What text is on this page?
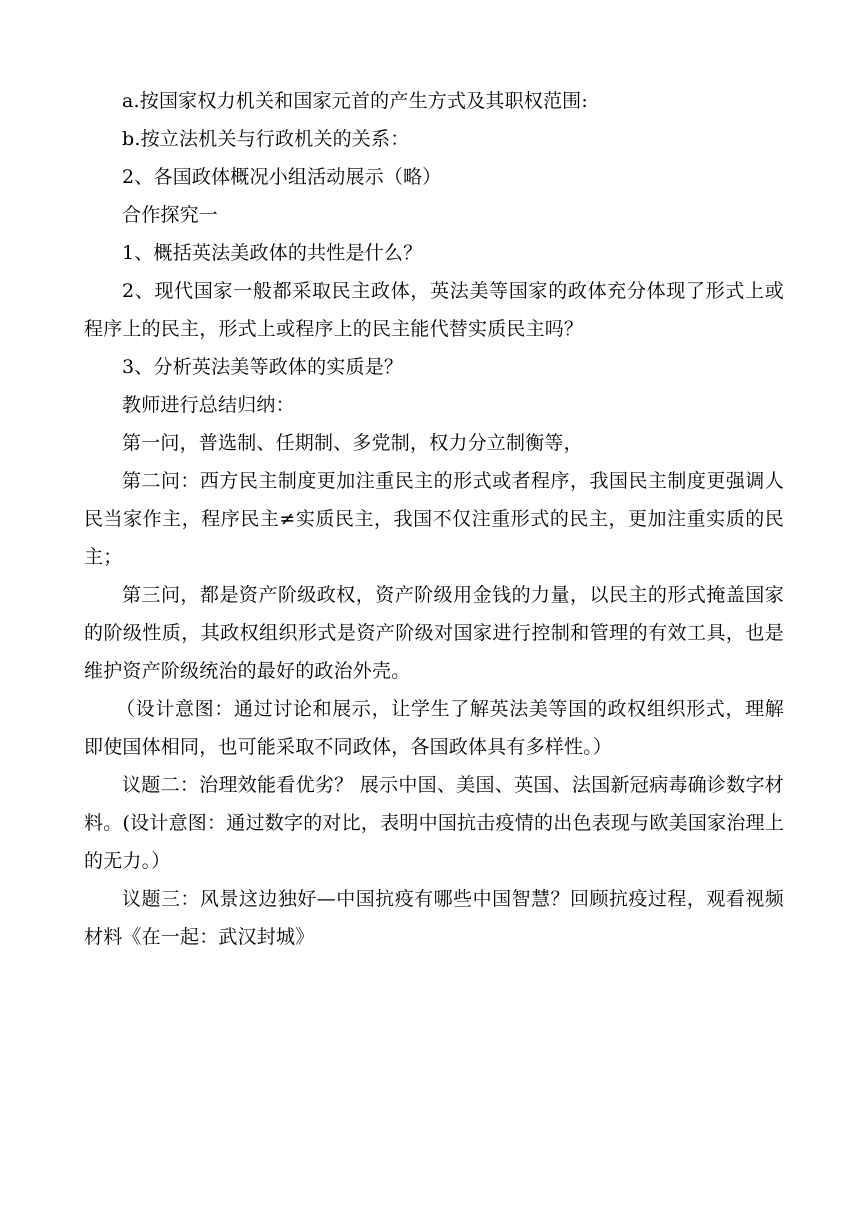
a.按国家权力机关和国家元首的产生方式及其职权范围:

b.按立法机关与行政机关的关系：

2、各国政体概况小组活动展示（略）

合作探究一

1、概括英法美政体的共性是什么？

2、现代国家一般都采取民主政体，英法美等国家的政体充分体现了形式上或程序上的民主，形式上或程序上的民主能代替实质民主吗？

3、分析英法美等政体的实质是？

教师进行总结归纳：

第一问，普选制、任期制、多党制，权力分立制衡等，

第二问：西方民主制度更加注重民主的形式或者程序，我国民主制度更强调人民当家作主，程序民主≠实质民主，我国不仅注重形式的民主，更加注重实质的民主；

第三问，都是资产阶级政权，资产阶级用金钱的力量，以民主的形式掩盖国家的阶级性质，其政权组织形式是资产阶级对国家进行控制和管理的有效工具，也是维护资产阶级统治的最好的政治外壳。

（设计意图：通过讨论和展示，让学生了解英法美等国的政权组织形式，理解即使国体相同，也可能采取不同政体，各国政体具有多样性。）

议题二：治理效能看优劣？ 展示中国、美国、英国、法国新冠病毒确诊数字材料。(设计意图：通过数字的对比，表明中国抗击疫情的出色表现与欧美国家治理上的无力。）

议题三：风景这边独好—中国抗疫有哪些中国智慧？回顾抗疫过程，观看视频材料《在一起：武汉封城》
